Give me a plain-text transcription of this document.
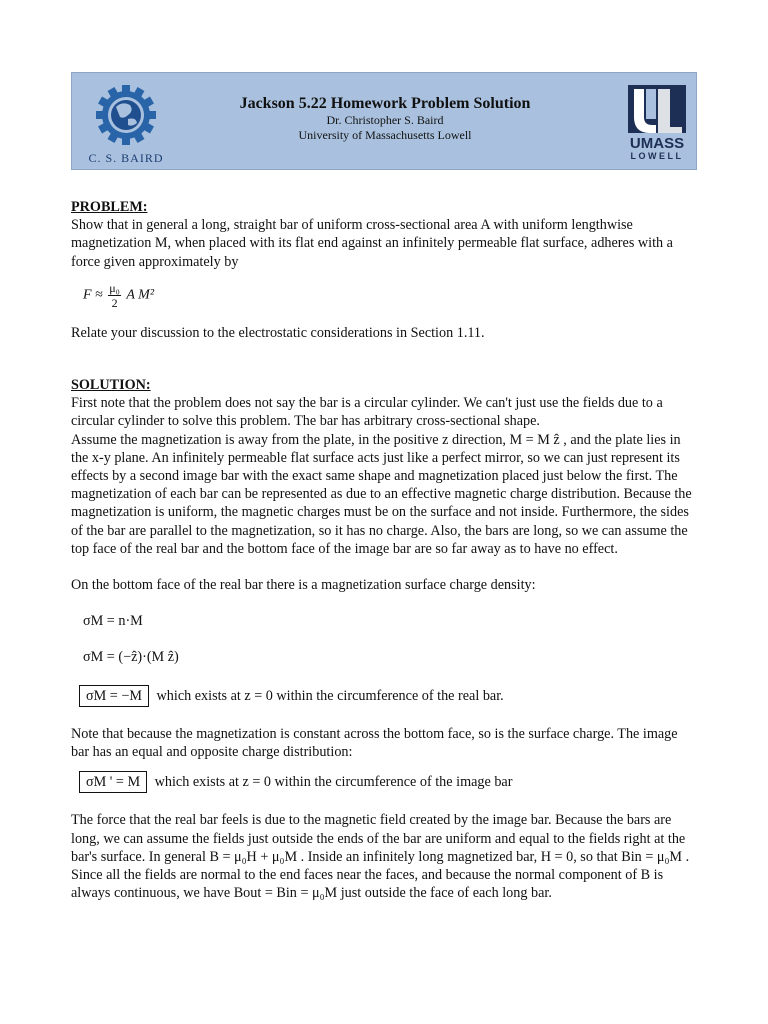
C. S. BAIRD
Jackson 5.22 Homework Problem Solution
Dr. Christopher S. Baird
University of Massachusetts Lowell	UMASS
LOWELL

PROBLEM:

Show that in general a long, straight bar of uniform cross-sectional area A with uniform lengthwise magnetization M, when placed with its flat end against an infinitely permeable flat surface, adheres with a force given approximately by

$F \approx \frac{\text{μ₀}}{2}$ A M²

Relate your discussion to the electrostatic considerations in Section 1.11.

SOLUTION:

First note that the problem does not say the bar is a circular cylinder. We can't just use the fields due to a circular cylinder to solve this problem. The bar has arbitrary cross-sectional shape.

Assume the magnetization is away from the plate, in the positive z direction, M = M ẑ , and the plate lies in the x-y plane. An infinitely permeable flat surface acts just like a perfect mirror, so we can just represent its effects by a second image bar with the exact same shape and magnetization placed just below the first. The magnetization of each bar can be represented as due to an effective magnetic charge distribution. Because the magnetization is uniform, the magnetic charges must be on the surface and not inside. Furthermore, the sides of the bar are parallel to the magnetization, so it has no charge. Also, the bars are long, so we can assume the top face of the real bar and the bottom face of the image bar are so far away as to have no effect.

On the bottom face of the real bar there is a magnetization surface charge density:

σM = n·M

σM = (−ẑ)·(M ẑ)

σM = −M which exists at z = 0 within the circumference of the real bar.

Note that because the magnetization is constant across the bottom face, so is the surface charge. The image bar has an equal and opposite charge distribution:

σM ' = M which exists at z = 0 within the circumference of the image bar

The force that the real bar feels is due to the magnetic field created by the image bar. Because the bars are long, we can assume the fields just outside the ends of the bar are uniform and equal to the fields right at the bar's surface. In general B = μ₀H + μ₀M . Inside an infinitely long magnetized bar, H = 0, so that Bin = μ₀M . Since all the fields are normal to the end faces near the faces, and because the normal component of B is always continuous, we have Bout = Bin = μ₀M just outside the face of each long bar.
